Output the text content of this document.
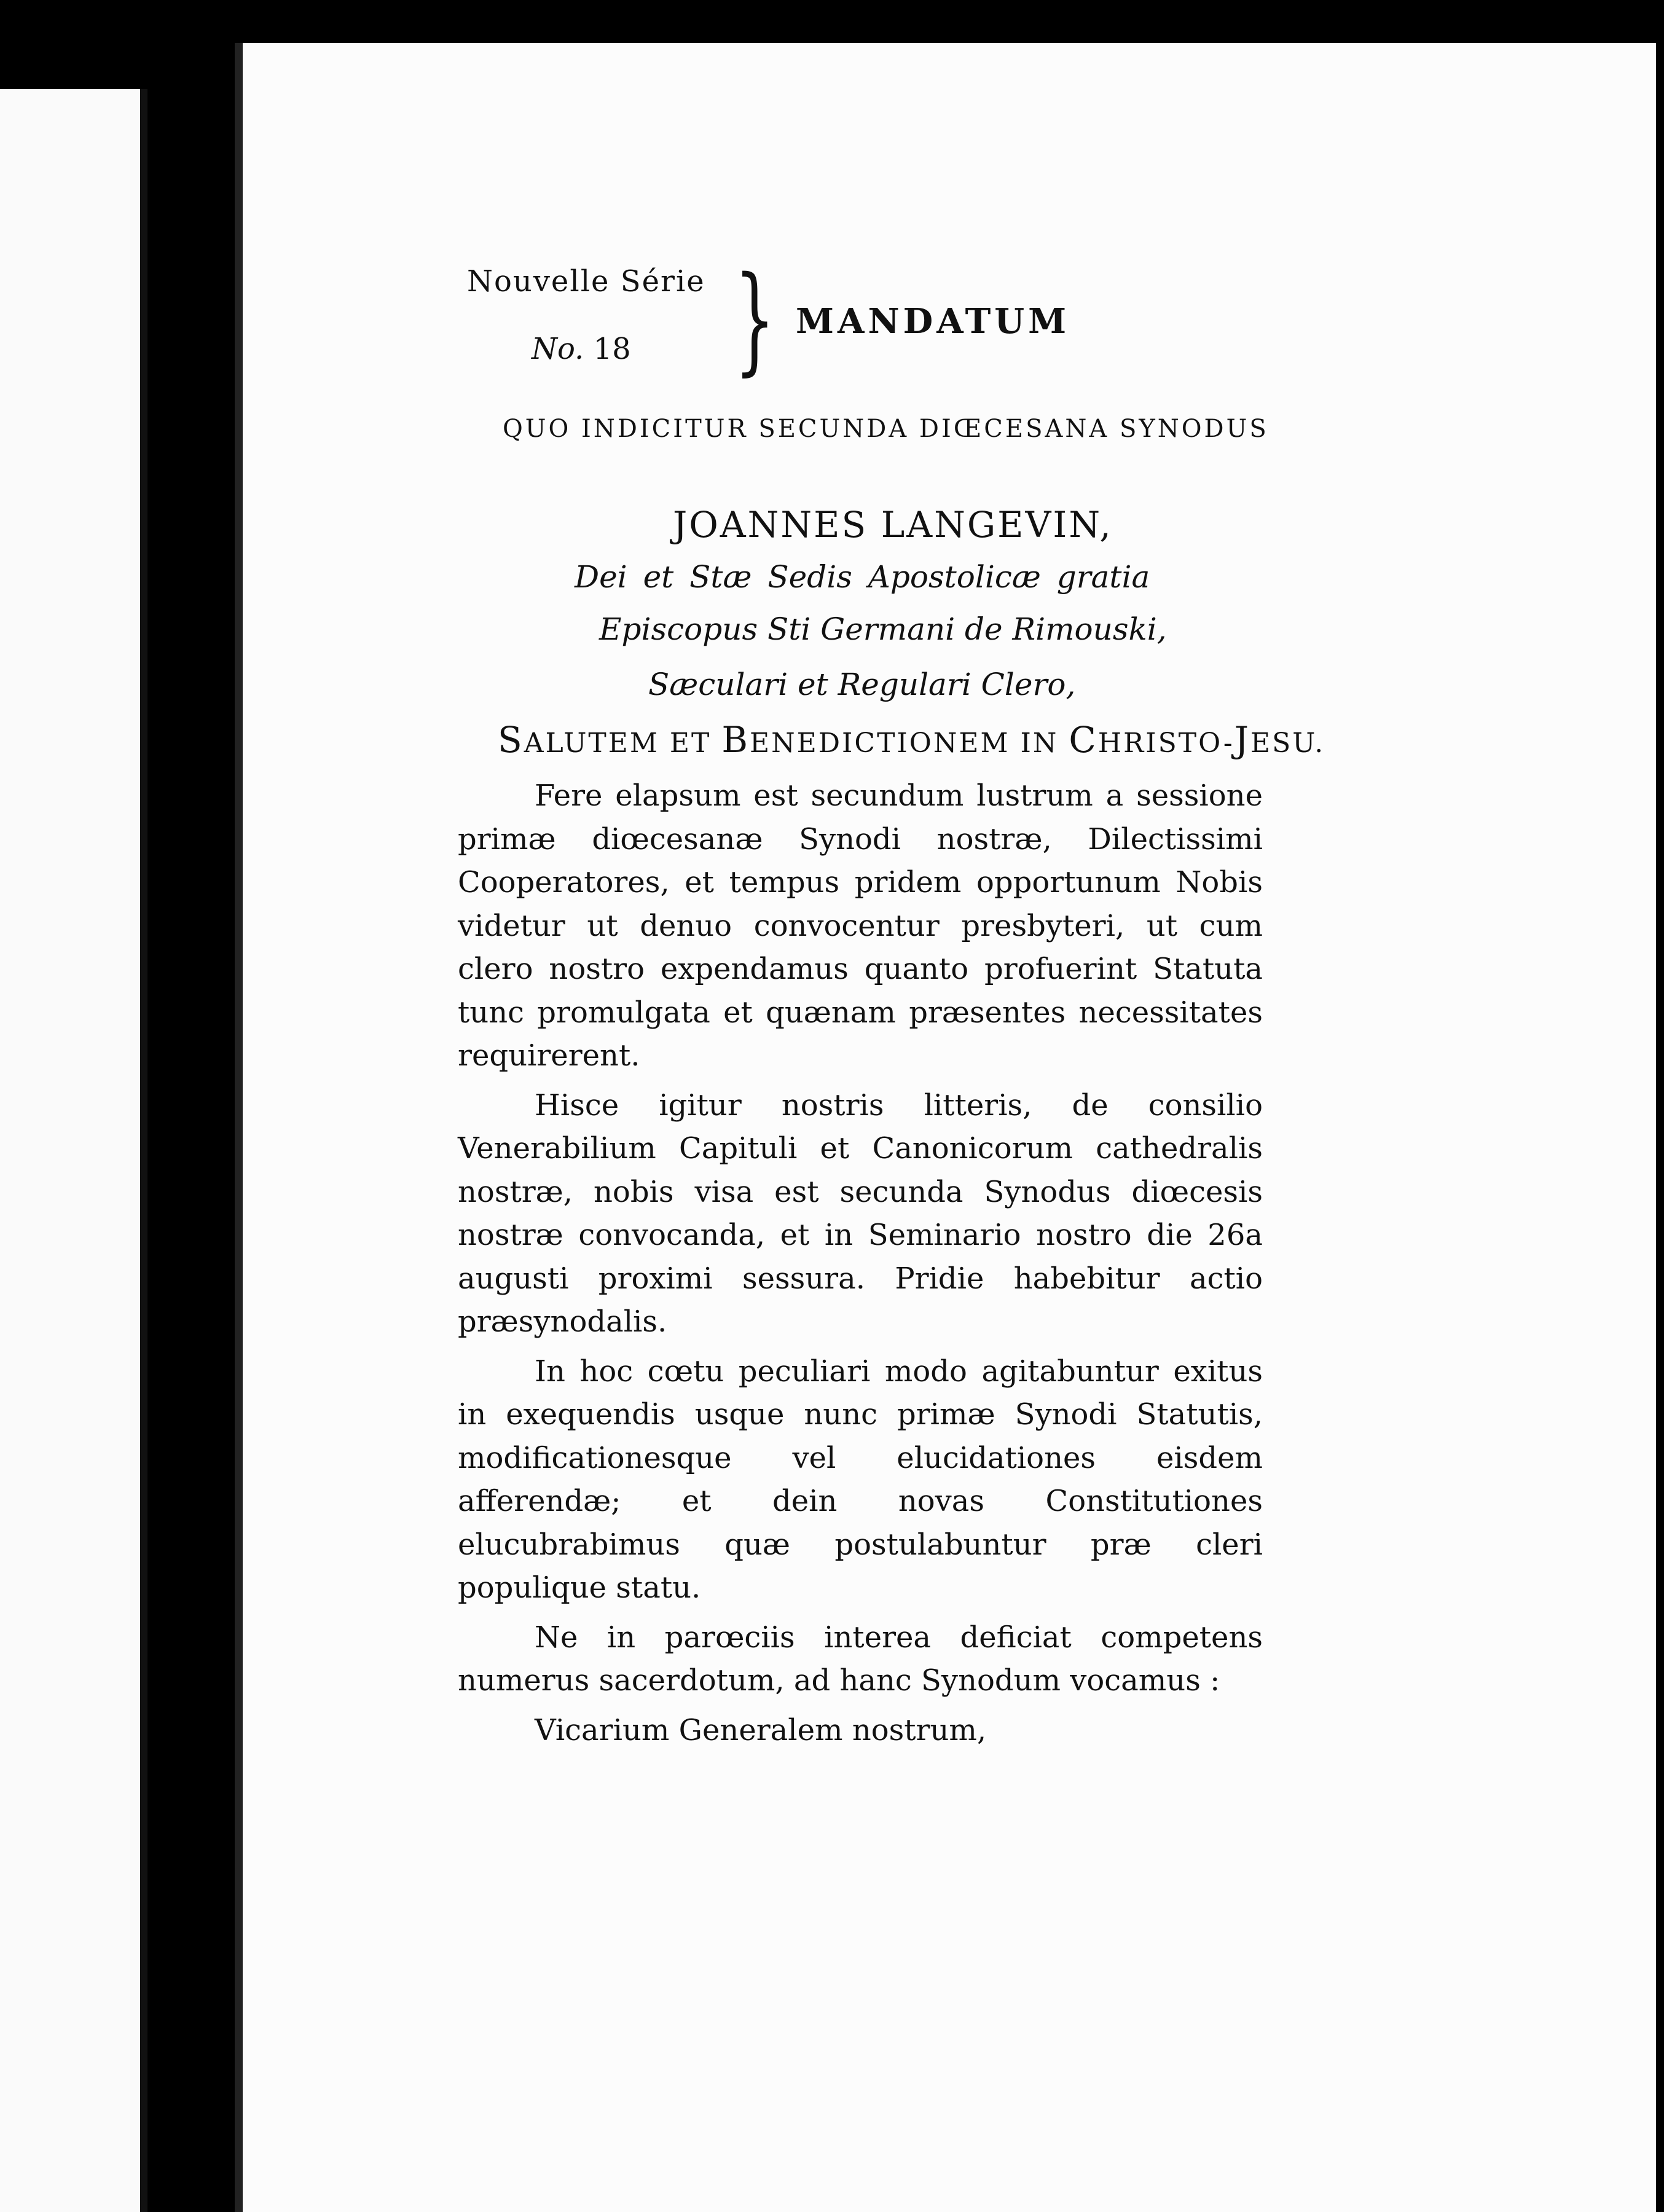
Nouvelle Série
No. 18 } MANDATUM
QUO INDICITUR SECUNDA DIŒCESANA SYNODUS
JOANNES LANGEVIN,
Dei et Stæ Sedis Apostolicæ gratia
Episcopus Sti Germani de Rimouski,
Sæculari et Regulari Clero,
SALUTEM ET BENEDICTIONEM IN CHRISTO-JESU.

Fere elapsum est secundum lustrum a sessione primæ diœcesanæ Synodi nostræ, Dilectissimi Cooperatores, et tempus pridem opportunum Nobis videtur ut denuo convocentur presbyteri, ut cum clero nostro expendamus quanto profuerint Statuta tunc promulgata et quænam præsentes necessitates requirerent.

Hisce igitur nostris litteris, de consilio Venerabilium Capituli et Canonicorum cathedralis nostræ, nobis visa est secunda Synodus diœcesis nostræ convocanda, et in Seminario nostro die 26a augusti proximi sessura. Pridie habebitur actio præsynodalis.

In hoc cœtu peculiari modo agitabuntur exitus in exequendis usque nunc primæ Synodi Statutis, modificationesque vel elucidationes eisdem afferendæ; et dein novas Constitutiones elucubrabimus quæ postulabuntur præ cleri populique statu.

Ne in parœciis interea deficiat competens numerus sacerdotum, ad hanc Synodum vocamus :

Vicarium Generalem nostrum,
